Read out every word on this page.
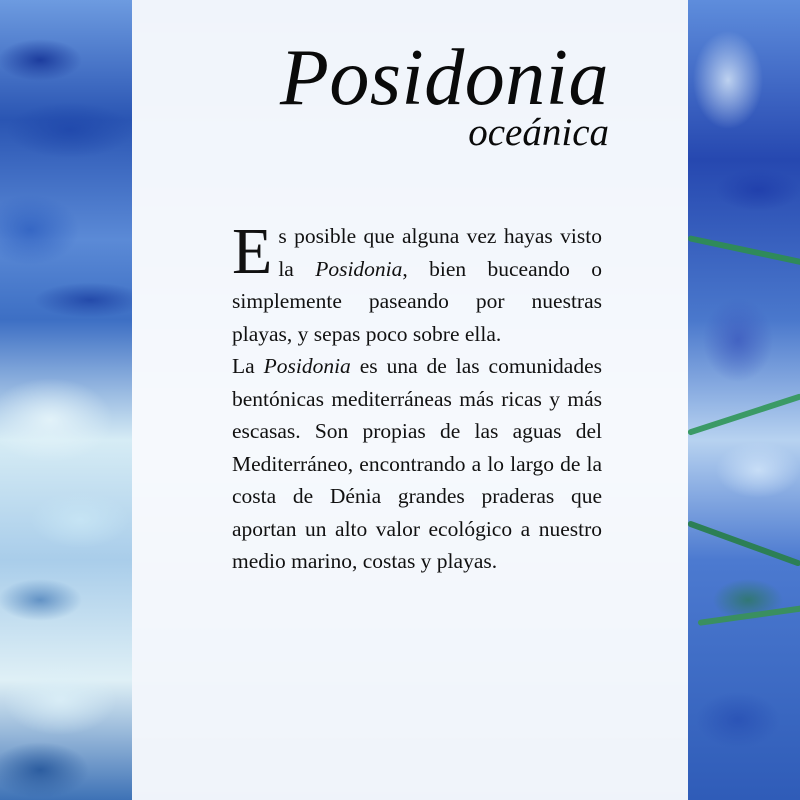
Posidonia
oceánica

E s posible que alguna vez hayas visto la Posidonia, bien buceando o simplemente paseando por nuestras playas, y sepas poco sobre ella.

La Posidonia es una de las comunidades bentónicas mediterráneas más ricas y más escasas. Son propias de las aguas del Mediterráneo, encontrando a lo largo de la costa de Dénia grandes praderas que aportan un alto valor ecológico a nuestro medio marino, costas y playas.
